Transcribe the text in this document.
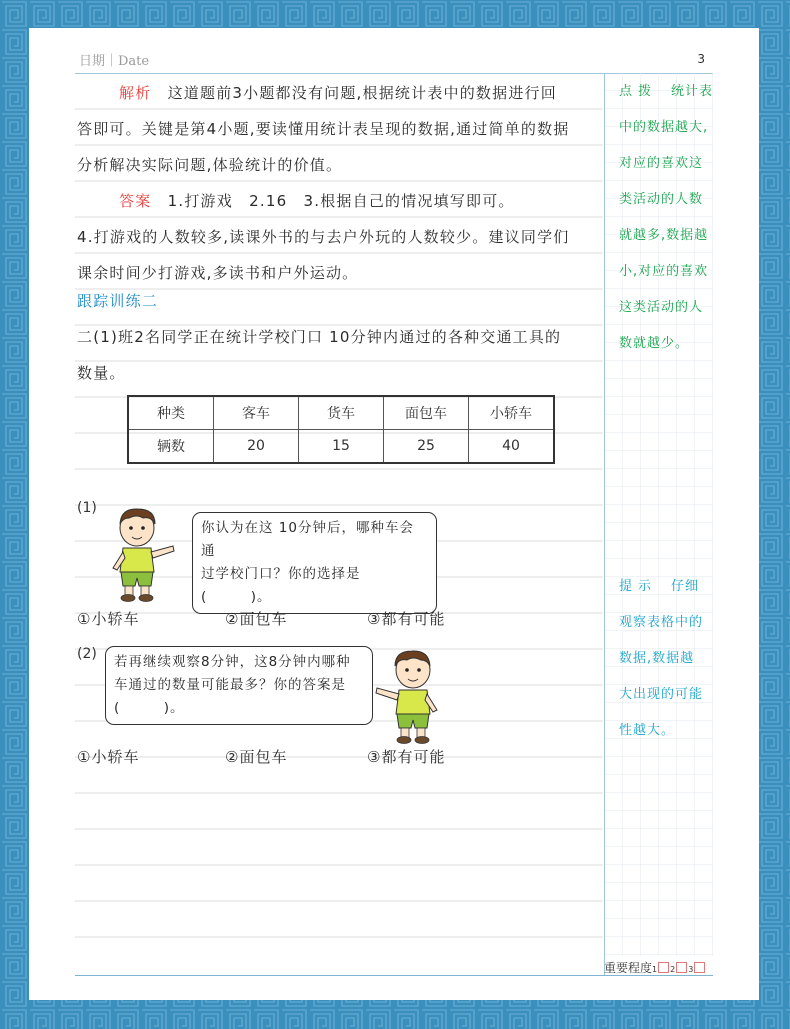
日期｜Date	3
点拨　 统计表
中的数据越大,
对应的喜欢这
类活动的人数
就越多,数据越
小,对应的喜欢
这类活动的人
数就越少。
提示　 仔细
观察表格中的
数据,数据越
大出现的可能
性越大。
解析　 这道题前3小题都没有问题,根据统计表中的数据进行回
答即可。关键是第4小题,要读懂用统计表呈现的数据,通过简单的数据
分析解决实际问题,体验统计的价值。
答案　 1.打游戏　2.16　3.根据自己的情况填写即可。
4.打游戏的人数较多,读课外书的与去户外玩的人数较少。建议同学们
课余时间少打游戏,多读书和户外运动。
跟踪训练二
二(1)班2名同学正在统计学校门口 10分钟内通过的各种交通工具的
数量。
种类	客车	货车	面包车	小轿车
辆数	20	15	25	40
(1)
你认为在这 10分钟后，哪种车会通
过学校门口？你的选择是(　　　)。
①小轿车	②面包车	③都有可能
(2) 若再继续观察8分钟，这8分钟内哪种
车通过的数量可能最多？你的答案是
(　　　)。
①小轿车	②面包车	③都有可能
重要程度1 2 3
